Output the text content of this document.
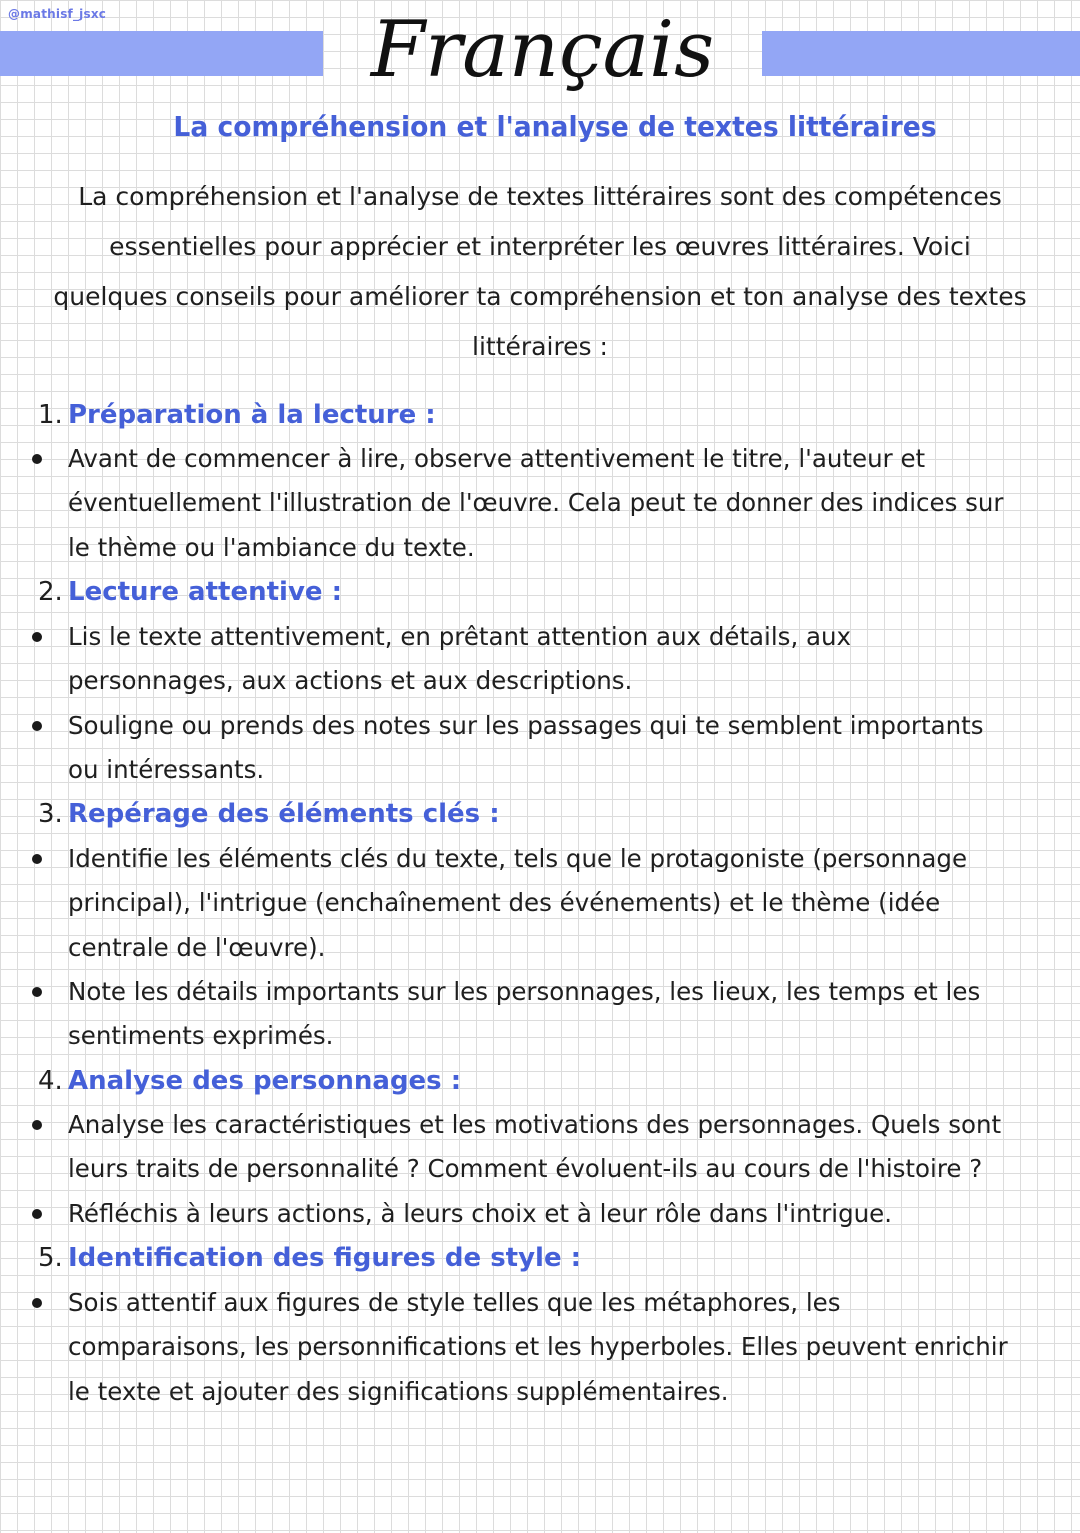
@mathisf_jsxc	Français
La compréhension et l'analyse de textes littéraires
La compréhension et l'analyse de textes littéraires sont des compétences
essentielles pour apprécier et interpréter les œuvres littéraires. Voici
quelques conseils pour améliorer ta compréhension et ton analyse des textes
littéraires :
1. Préparation à la lecture :
Avant de commencer à lire, observe attentivement le titre, l'auteur et
éventuellement l'illustration de l'œuvre. Cela peut te donner des indices sur
le thème ou l'ambiance du texte.
2. Lecture attentive :
Lis le texte attentivement, en prêtant attention aux détails, aux
personnages, aux actions et aux descriptions.
Souligne ou prends des notes sur les passages qui te semblent importants
ou intéressants.
3. Repérage des éléments clés :
Identifie les éléments clés du texte, tels que le protagoniste (personnage
principal), l'intrigue (enchaînement des événements) et le thème (idée
centrale de l'œuvre).
Note les détails importants sur les personnages, les lieux, les temps et les
sentiments exprimés.
4. Analyse des personnages :
Analyse les caractéristiques et les motivations des personnages. Quels sont
leurs traits de personnalité ? Comment évoluent-ils au cours de l'histoire ?
Réfléchis à leurs actions, à leurs choix et à leur rôle dans l'intrigue.
5. Identification des figures de style :
Sois attentif aux figures de style telles que les métaphores, les
comparaisons, les personnifications et les hyperboles. Elles peuvent enrichir
le texte et ajouter des significations supplémentaires.
